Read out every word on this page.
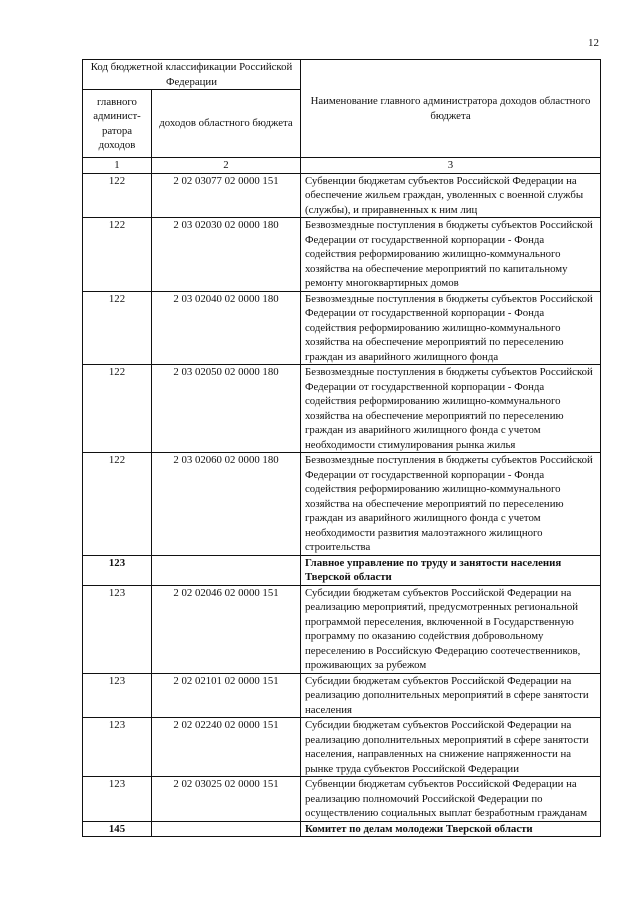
12
Код бюджетной классификации Российской Федерации		Наименование главного администратора доходов областного бюджета
главного админист-ратора доходов	доходов областного бюджета	
1	2	3
122	2 02 03077 02 0000 151	Субвенции бюджетам субъектов Российской Федерации на обеспечение жильем граждан, уволенных с военной службы (службы), и приравненных к ним лиц
122	2 03 02030 02 0000 180	Безвозмездные поступления в бюджеты субъектов Российской Федерации от государственной корпорации - Фонда содействия реформированию жилищно-коммунального хозяйства на обеспечение мероприятий по капитальному ремонту многоквартирных домов
122	2 03 02040 02 0000 180	Безвозмездные поступления в бюджеты субъектов Российской Федерации от государственной корпорации - Фонда содействия реформированию жилищно-коммунального хозяйства на обеспечение мероприятий по переселению граждан из аварийного жилищного фонда
122	2 03 02050 02 0000 180	Безвозмездные поступления в бюджеты субъектов Российской Федерации от государственной корпорации - Фонда содействия реформированию жилищно-коммунального хозяйства на обеспечение мероприятий по переселению граждан из аварийного жилищного фонда с учетом необходимости стимулирования рынка жилья
122	2 03 02060 02 0000 180	Безвозмездные поступления в бюджеты субъектов Российской Федерации от государственной корпорации - Фонда содействия реформированию жилищно-коммунального хозяйства на обеспечение мероприятий по переселению граждан из аварийного жилищного фонда с учетом необходимости развития малоэтажного жилищного строительства
123		Главное управление по труду и занятости населения Тверской области
123	2 02 02046 02 0000 151	Субсидии бюджетам субъектов Российской Федерации на реализацию мероприятий, предусмотренных региональной программой переселения, включенной в Государственную программу по оказанию содействия добровольному переселению в Российскую Федерацию соотечественников, проживающих за рубежом
123	2 02 02101 02 0000 151	Субсидии бюджетам субъектов Российской Федерации на реализацию дополнительных мероприятий в сфере занятости населения
123	2 02 02240 02 0000 151	Субсидии бюджетам субъектов Российской Федерации на реализацию дополнительных мероприятий в сфере занятости населения, направленных на снижение напряженности на рынке труда субъектов Российской Федерации
123	2 02 03025 02 0000 151	Субвенции бюджетам субъектов Российской Федерации на реализацию полномочий Российской Федерации по осуществлению социальных выплат безработным гражданам
145		Комитет по делам молодежи Тверской области
